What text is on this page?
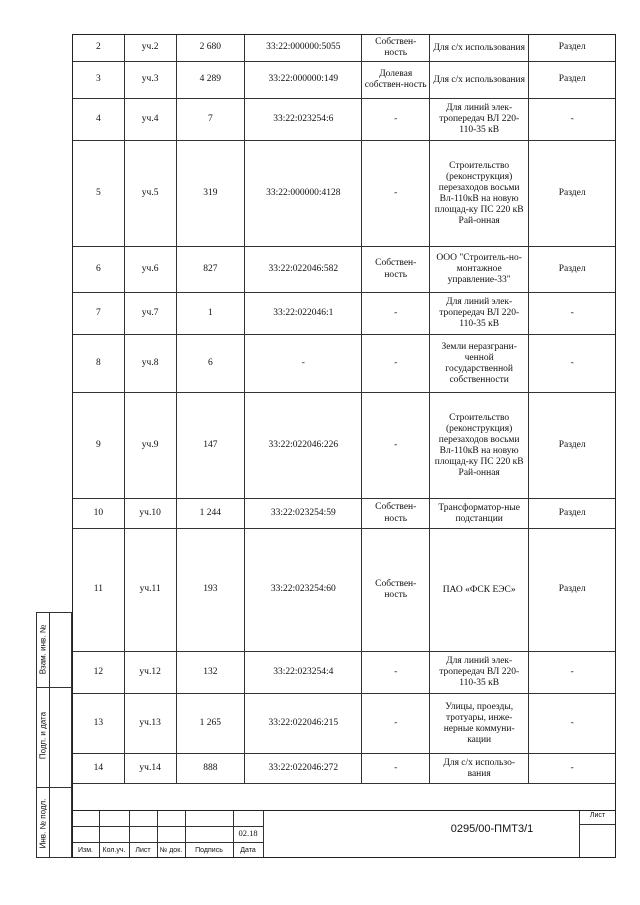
2	уч.2	2 680	33:22:000000:5055	Собствен-ность	Для с/х использования	Раздел
3	уч.3	4 289	33:22:000000:149	Долевая собствен-ность	Для с/х использования	Раздел
4	уч.4	7	33:22:023254:6	-	Для линий элек-тропередач ВЛ 220-110-35 кВ	-
5	уч.5	319	33:22:000000:4128	-	Строительство (реконструкция) перезаходов восьми Вл-110кВ на новую площад-ку ПС 220 кВ Рай-онная	Раздел
6	уч.6	827	33:22:022046:582	Собствен-ность	ООО "Строитель-но-монтажное управление-33"	Раздел
7	уч.7	1	33:22:022046:1	-	Для линий элек-тропередач ВЛ 220-110-35 кВ	-
8	уч.8	6	-	-	Земли неразграни-ченной государственной собственности	-
9	уч.9	147	33:22:022046:226	-	Строительство (реконструкция) перезаходов восьми Вл-110кВ на новую площад-ку ПС 220 кВ Рай-онная	Раздел
10	уч.10	1 244	33:22:023254:59	Собствен-ность	Трансформатор-ные подстанции	Раздел
11	уч.11	193	33:22:023254:60	Собствен-ность	ПАО «ФСК ЕЭС»	Раздел
12	уч.12	132	33:22:023254:4	-	Для линий элек-тропередач ВЛ 220-110-35 кВ	-
13	уч.13	1 265	33:22:022046:215	-	Улицы, проезды, тротуары, инже-нерные коммуни-кации	-
14	уч.14	888	33:22:022046:272	-	Для с/х использо-вания	-
Взам. инв. №
Подп. и дата
Инв. № подл.
Изм.	Кол.уч.	Лист	№ док.	Подпись	Дата
02.18	0295/00-ПМТ3/1
Лист
